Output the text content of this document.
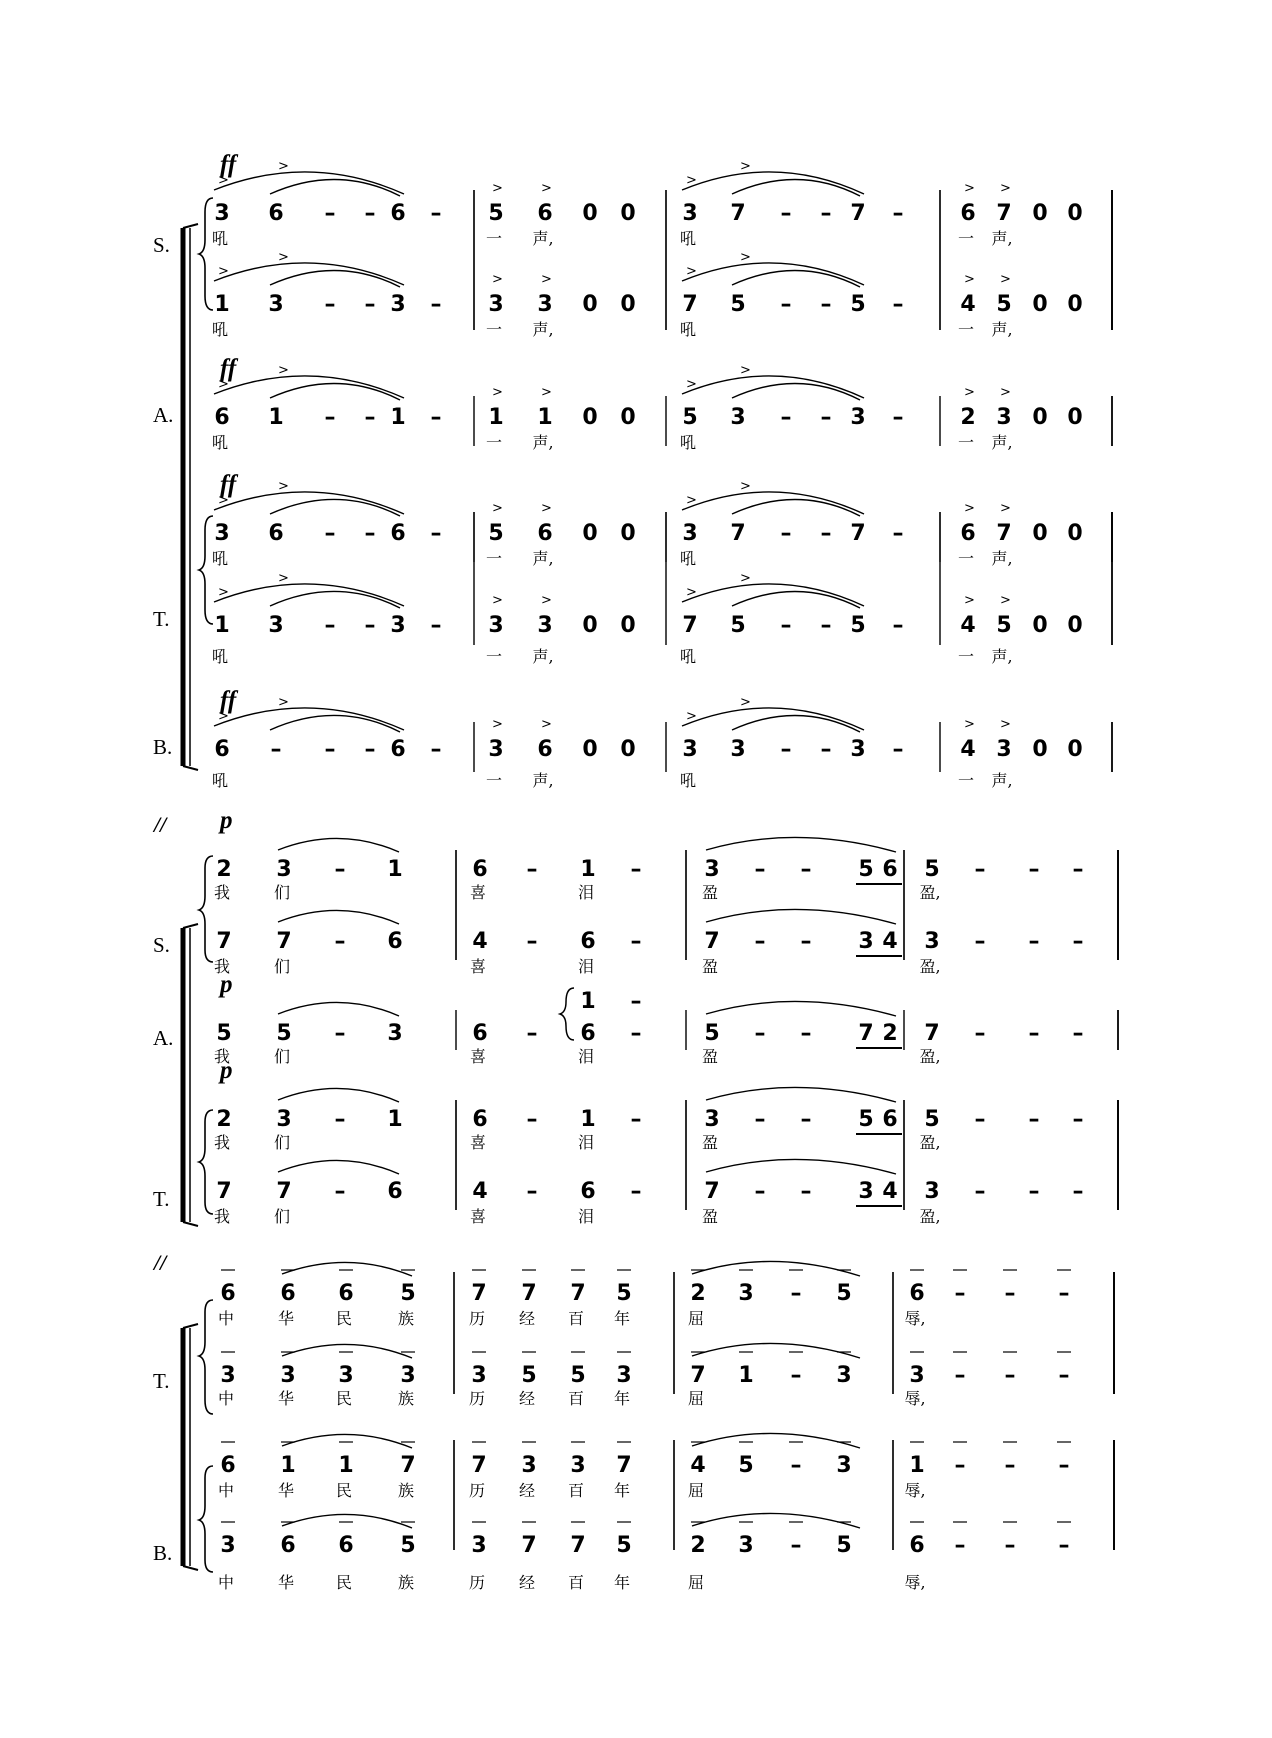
S.
A.
T.
B.
S.
A.
T.
T.
B.
//
//
ff
3
吼
6 – – 6 – 5
一
6
声,
0 0 3
吼
7 – – 7 –	6
一
7
声,
0 0
>
>
>
>
>	>	> >
1
吼
3 – – 3 – 3
一
3
声,
0 0 7
吼
5 – – 5 –	4
一
5
声,
0 0
>
>
>
>
>	>	> >
ff
6
吼
1 – – 1 – 1
一
1
声,
0 0 5
吼
3 – – 3 –	2
一
3
声,
0 0
>
>
>
>
>	>	> >
ff
3
吼
6 – – 6 – 5
一
6
声,
0 0 3
吼
7 – – 7 –	6
一
7
声,
0 0
>
>
>
>
>	>	> >
1
吼
3 – – 3 – 3
一
3
声,
0 0 7
吼
5 – – 5 –	4
一
5
声,
0 0
>
>
>
>
>	>	> >
ff
6
吼
– – – 6 – 3
一
6
声,
0 0 3
吼
3 – – 3 –	4
一
3
声,
0 0
>
>
>
>
>	>	> >
p
2
我
3
们
– 1	6
喜
– 1
泪
–	3
盈
– – 5 6 5
盈,
– – –
7
我
7
们
– 6	4
喜
– 6
泪
–	7
盈
– – 3 4 3
盈,
– – –
p
5
我
5
们
– 3	6
喜
– 6
泪
–
1 –
5
盈
– – 7 2 7
盈,
– – –
p
2
我
3
们
– 1	6
喜
– 1
泪
–	3
盈
– – 5 6 5
盈,
– – –
7
我
7
们
– 6	4
喜
– 6
泪
–	7
盈
– – 3 4 3
盈,
– – –
6
中
6
华
6
民
5
族
7
历
7
经
7
百
5
年
2
屈
3 – 5	6
辱,
– – –
3
中
3
华
3
民
3
族
3
历
5
经
5
百
3
年
7
屈
1 – 3	3
辱,
– – –
6
中
1
华
1
民
7
族
7
历
3
经
3
百
7
年
4
屈
5 – 3	1
辱,
– – –
3
中
6
华
6
民
5
族
3
历
7
经
7
百
5
年
2
屈
3 – 5	6
辱,
– – –
